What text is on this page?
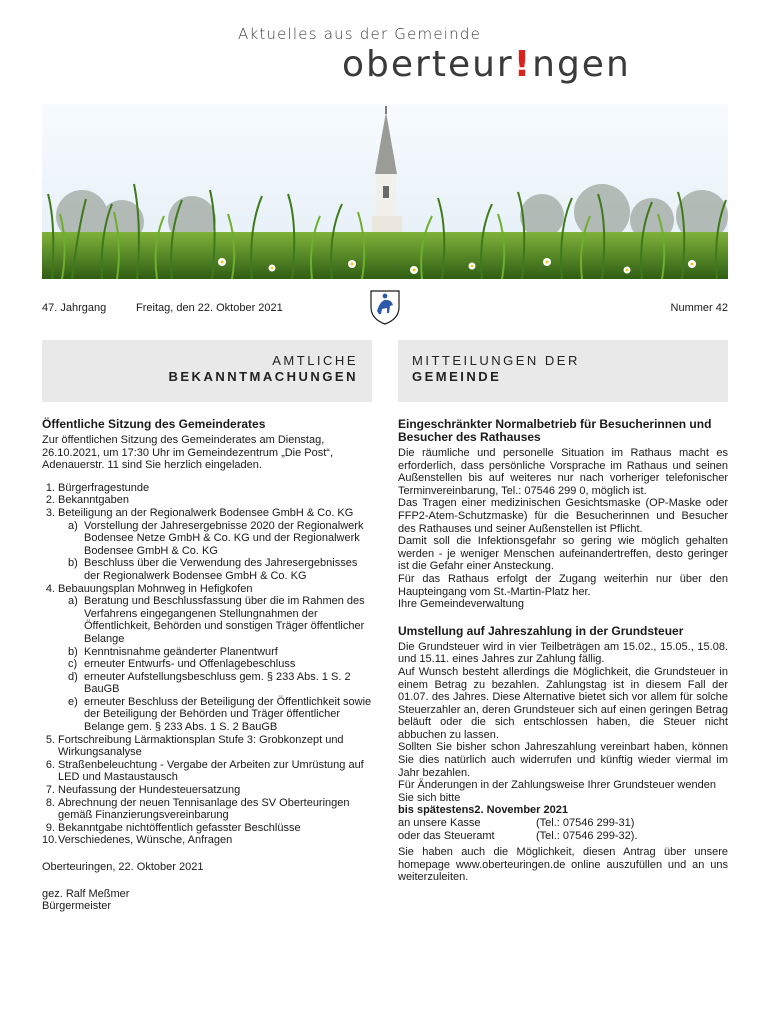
Aktuelles aus der Gemeinde
oberteur!ngen
47. Jahrgang	Freitag, den 22. Oktober 2021	Nummer 42
AMTLICHE
BEKANNTMACHUNGEN
MITTEILUNGEN DER
GEMEINDE
Öffentliche Sitzung des Gemeinderates

Zur öffentlichen Sitzung des Gemeinderates am Dienstag, 26.10.2021, um 17:30 Uhr im Gemeindezentrum „Die Post“, Adenauerstr. 11 sind Sie herzlich eingeladen.

1. Bürgerfragestunde
2. Bekanntgaben
3. Beteiligung an der Regionalwerk Bodensee GmbH & Co. KG
a) Vorstellung der Jahresergebnisse 2020 der Regionalwerk Bodensee Netze GmbH & Co. KG und der Regionalwerk Bodensee GmbH & Co. KG
b) Beschluss über die Verwendung des Jahresergebnisses der Regionalwerk Bodensee GmbH & Co. KG
4. Bebauungsplan Mohnweg in Hefigkofen
a) Beratung und Beschlussfassung über die im Rahmen des Verfahrens eingegangenen Stellungnahmen der Öffentlichkeit, Behörden und sonstigen Träger öffentlicher Belange
b) Kenntnisnahme geänderter Planentwurf
c) erneuter Entwurfs- und Offenlagebeschluss
d) erneuter Aufstellungsbeschluss gem. § 233 Abs. 1 S. 2 BauGB
e) erneuter Beschluss der Beteiligung der Öffentlichkeit sowie der Beteiligung der Behörden und Träger öffentlicher Belange gem. § 233 Abs. 1 S. 2 BauGB
5. Fortschreibung Lärmaktionsplan Stufe 3: Grobkonzept und Wirkungsanalyse
6. Straßenbeleuchtung - Vergabe der Arbeiten zur Umrüstung auf LED und Mastaustausch
7. Neufassung der Hundesteuersatzung
8. Abrechnung der neuen Tennisanlage des SV Oberteuringen gemäß Finanzierungsvereinbarung
9. Bekanntgabe nichtöffentlich gefasster Beschlüsse
10. Verschiedenes, Wünsche, Anfragen

Oberteuringen, 22. Oktober 2021

gez. Ralf Meßmer

Bürgermeister

Eingeschränkter Normalbetrieb für Besucherinnen und Besucher des Rathauses

Die räumliche und personelle Situation im Rathaus macht es erforderlich, dass persönliche Vorsprache im Rathaus und seinen Außenstellen bis auf weiteres nur nach vorheriger telefonischer Terminvereinbarung, Tel.: 07546 299 0, möglich ist.

Das Tragen einer medizinischen Gesichtsmaske (OP-Maske oder FFP2-Atem-Schutzmaske) für die Besucherinnen und Besucher des Rathauses und seiner Außenstellen ist Pflicht.

Damit soll die Infektionsgefahr so gering wie möglich gehalten werden - je weniger Menschen aufeinandertreffen, desto geringer ist die Gefahr einer Ansteckung.

Für das Rathaus erfolgt der Zugang weiterhin nur über den Haupteingang vom St.-Martin-Platz her.

Ihre Gemeindeverwaltung

Umstellung auf Jahreszahlung in der Grundsteuer

Die Grundsteuer wird in vier Teilbeträgen am 15.02., 15.05., 15.08. und 15.11. eines Jahres zur Zahlung fällig.

Auf Wunsch besteht allerdings die Möglichkeit, die Grundsteuer in einem Betrag zu bezahlen. Zahlungstag ist in diesem Fall der 01.07. des Jahres. Diese Alternative bietet sich vor allem für solche Steuerzahler an, deren Grundsteuer sich auf einen geringen Betrag beläuft oder die sich entschlossen haben, die Steuer nicht abbuchen zu lassen.

Sollten Sie bisher schon Jahreszahlung vereinbart haben, können Sie dies natürlich auch widerrufen und künftig wieder viermal im Jahr bezahlen.

Für Änderungen in der Zahlungsweise Ihrer Grundsteuer wenden Sie sich bitte

bis spätestens2. November 2021

an unsere Kasse	(Tel.: 07546 299-31)
oder das Steueramt	(Tel.: 07546 299-32).

Sie haben auch die Möglichkeit, diesen Antrag über unsere homepage www.oberteuringen.de online auszufüllen und an uns weiterzuleiten.
